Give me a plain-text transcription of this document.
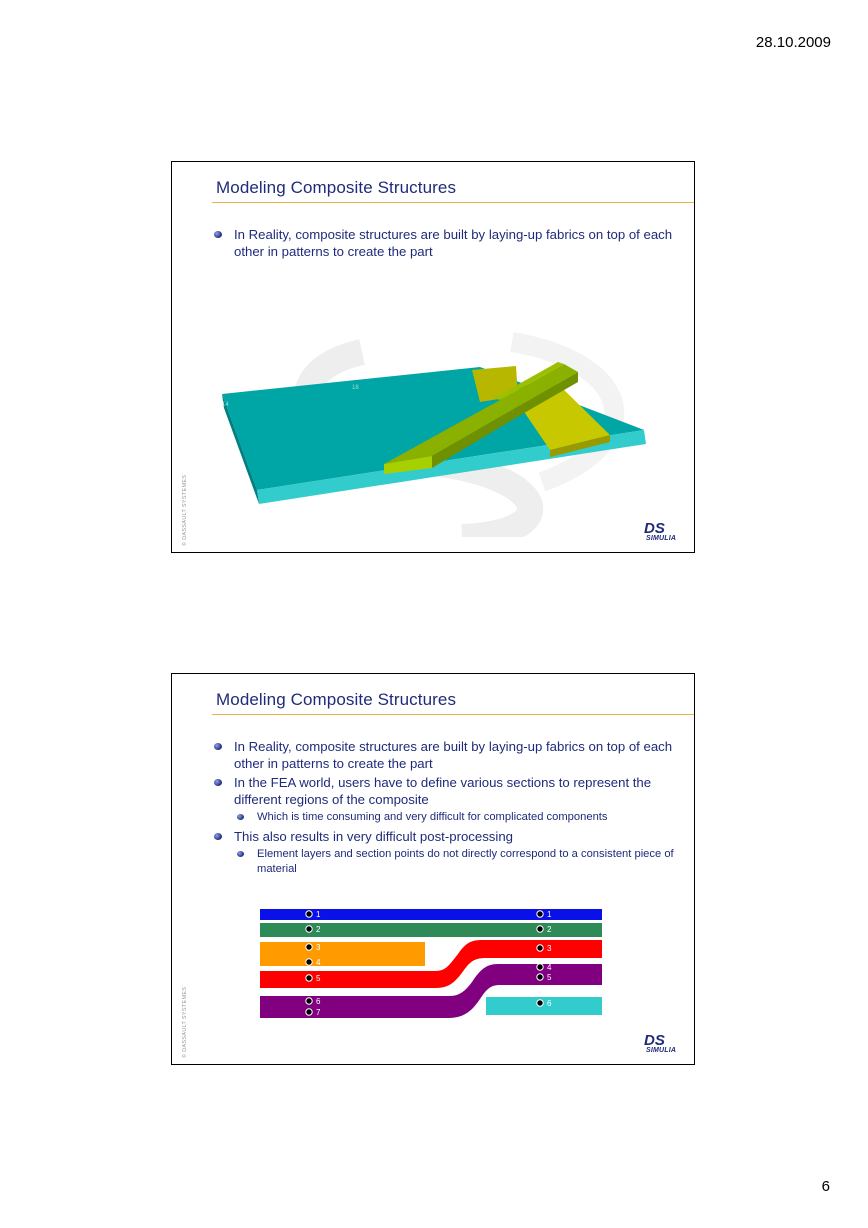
28.10.2009
Modeling Composite Structures
In Reality, composite structures are built by laying-up fabrics on top of each other in patterns to create the part
18
14
© DASSAULT SYSTEMES	DS
SIMULIA
Modeling Composite Structures
In Reality, composite structures are built by laying-up fabrics on top of each other in patterns to create the part
In the FEA world, users have to define various sections to represent the different regions of the composite
Which is time consuming and very difficult for complicated components
This also results in very difficult post-processing
Element layers and section points do not directly correspond to a consistent piece of material
1
2
3
4
5
6
7
1
2
3
4
5
6
© DASSAULT SYSTEMES	DS
SIMULIA
6
